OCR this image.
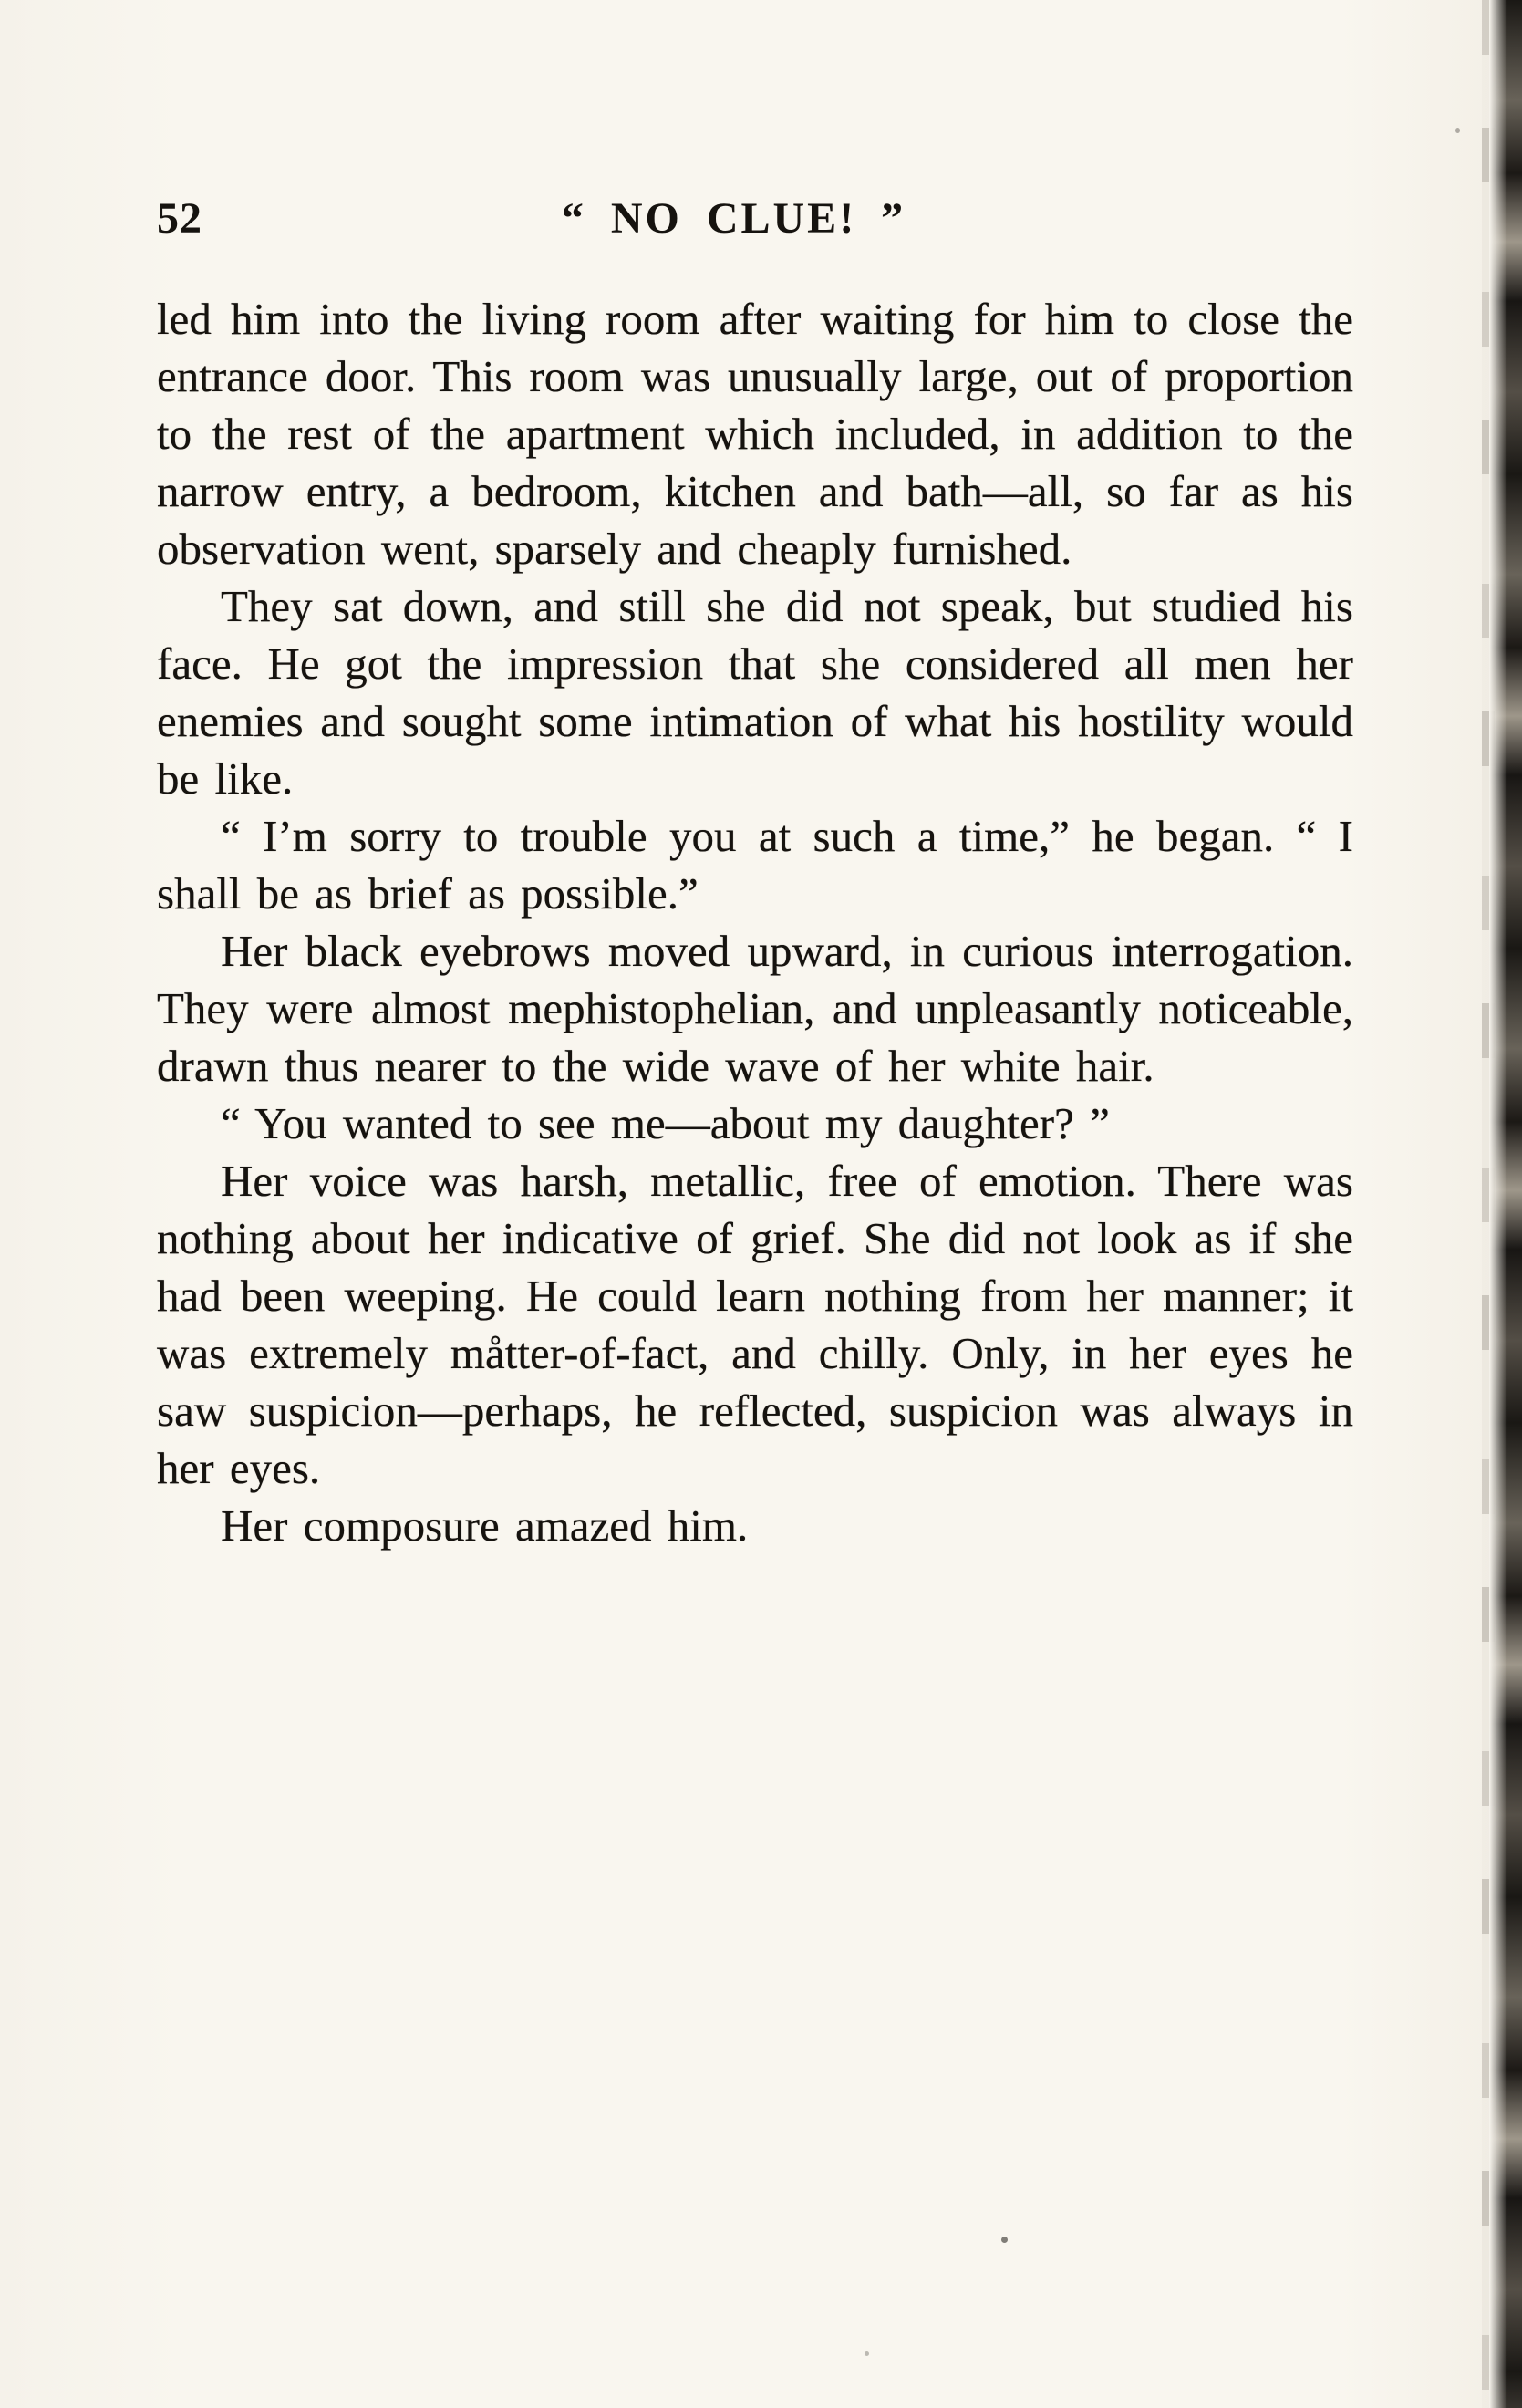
52	“ NO CLUE! ”

led him into the living room after waiting for him to close the entrance door. This room was unusually large, out of proportion to the rest of the apartment which included, in addition to the narrow entry, a bedroom, kitchen and bath—all, so far as his observation went, sparsely and cheaply furnished.

They sat down, and still she did not speak, but studied his face. He got the impression that she considered all men her enemies and sought some intimation of what his hostility would be like.

“ I’m sorry to trouble you at such a time,” he began. “ I shall be as brief as possible.”

Her black eyebrows moved upward, in curious interrogation. They were almost mephistophelian, and unpleasantly noticeable, drawn thus nearer to the wide wave of her white hair.

“ You wanted to see me—about my daughter? ”

Her voice was harsh, metallic, free of emotion. There was nothing about her indicative of grief. She did not look as if she had been weeping. He could learn nothing from her manner; it was extremely måtter-of-fact, and chilly. Only, in her eyes he saw suspicion—perhaps, he reflected, suspicion was always in her eyes.

Her composure amazed him.
